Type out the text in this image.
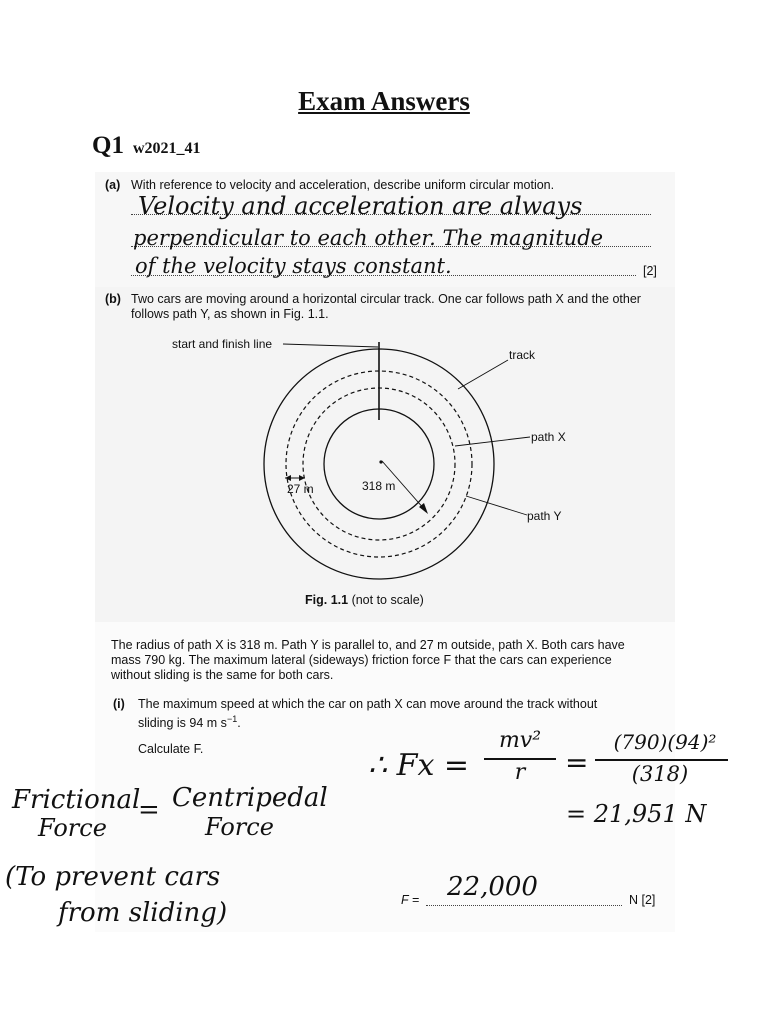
Exam Answers
Q1 w2021_41
(a) With reference to velocity and acceleration, describe uniform circular motion.
Velocity and acceleration are always
perpendicular to each other. The magnitude
of the velocity stays constant.	[2]
(b) Two cars are moving around a horizontal circular track. One car follows path X and the other
follows path Y, as shown in Fig. 1.1.
start and finish line
track
path X
path Y
27 m	318 m
Fig. 1.1 (not to scale)
The radius of path X is 318 m. Path Y is parallel to, and 27 m outside, path X. Both cars have
mass 790 kg. The maximum lateral (sideways) friction force F that the cars can experience
without sliding is the same for both cars.
(i) The maximum speed at which the car on path X can move around the track without
sliding is 94 m $s^{-1}$.
Calculate F.	∴ Fx =
mv²
r	=
(790)(94)²
(318)
= 21,951 N
Frictional
Force
= Centripedal
Force
(To prevent cars
from sliding)	F = 22,000	N [2]
